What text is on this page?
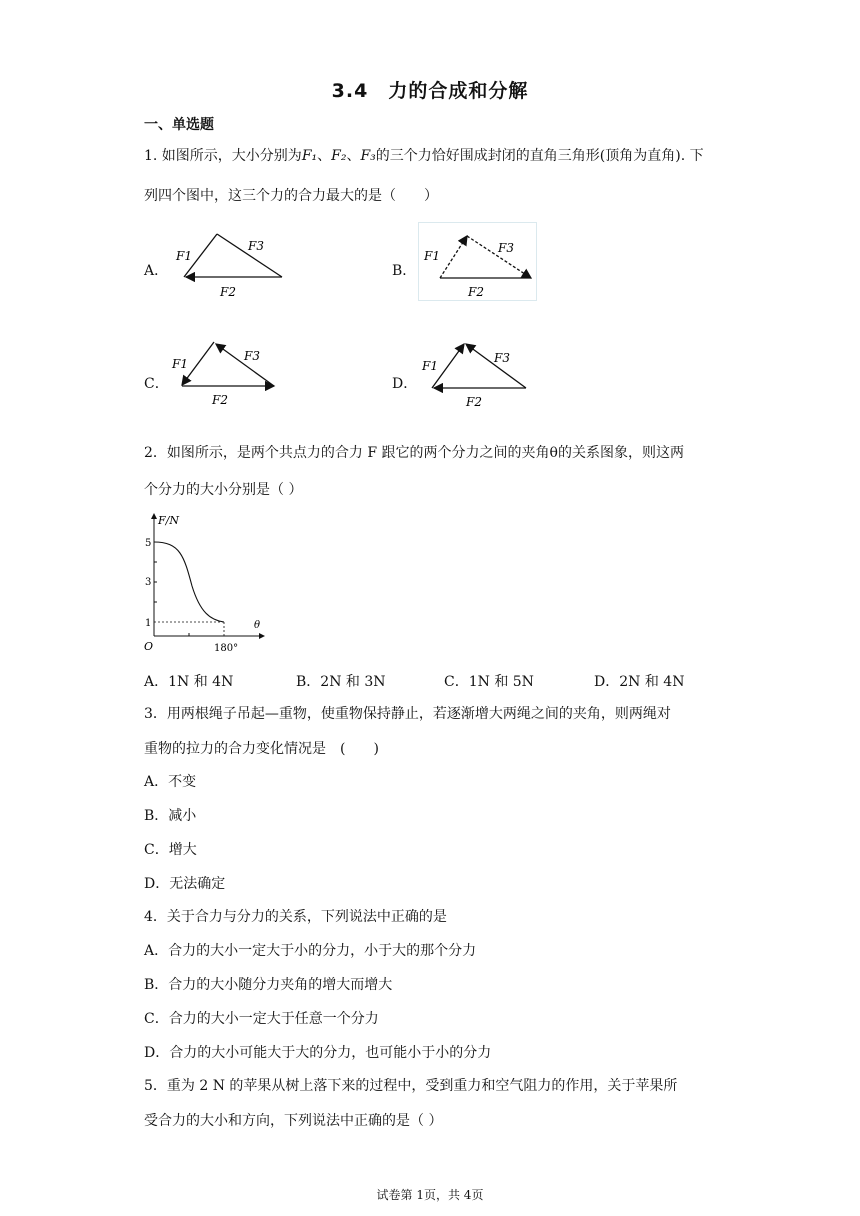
3.4　力的合成和分解
一、单选题
1. 如图所示，大小分别为F₁、F₂、F₃的三个力恰好围成封闭的直角三角形(顶角为直角). 下
列四个图中，这三个力的合力最大的是（　　）
A．
F1
F3
F2
B．
F1
F3
F2
C．
F1
F3
F2
D．
F1
F3
F2
2．如图所示，是两个共点力的合力 F 跟它的两个分力之间的夹角θ的关系图象，则这两
个分力的大小分别是（ ）
F/N
θ
O
5
3
1
180°
A．1N 和 4N	B．2N 和 3N	C．1N 和 5N	D．2N 和 4N
3．用两根绳子吊起—重物，使重物保持静止，若逐渐增大两绳之间的夹角，则两绳对
重物的拉力的合力变化情况是　(　　)
A．不变
B．减小
C．增大
D．无法确定
4．关于合力与分力的关系，下列说法中正确的是
A．合力的大小一定大于小的分力，小于大的那个分力
B．合力的大小随分力夹角的增大而增大
C．合力的大小一定大于任意一个分力
D．合力的大小可能大于大的分力，也可能小于小的分力
5．重为 2 N 的苹果从树上落下来的过程中，受到重力和空气阻力的作用，关于苹果所
受合力的大小和方向，下列说法中正确的是（ ）
试卷第 1页，共 4页
